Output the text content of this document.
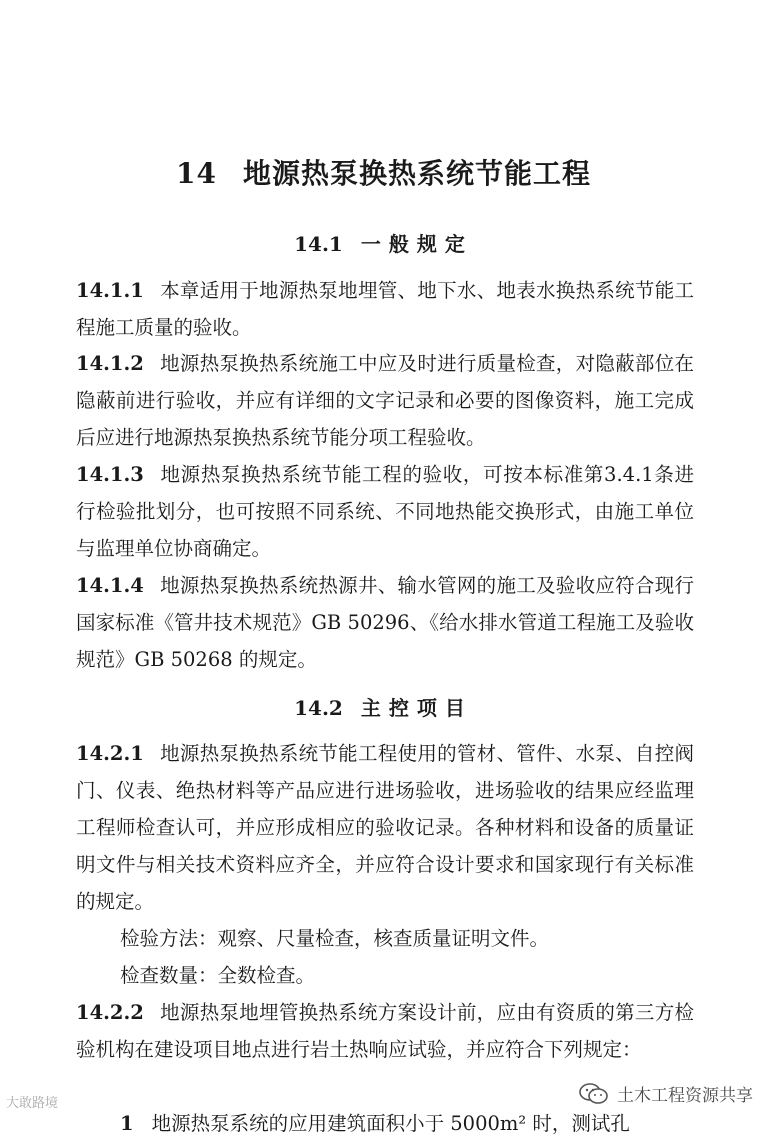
14 地源热泵换热系统节能工程
14.1 一般规定
14.1.1 本章适用于地源热泵地埋管、地下水、地表水换热系统节能工程施工质量的验收。
14.1.2 地源热泵换热系统施工中应及时进行质量检查，对隐蔽部位在隐蔽前进行验收，并应有详细的文字记录和必要的图像资料，施工完成后应进行地源热泵换热系统节能分项工程验收。
14.1.3 地源热泵换热系统节能工程的验收，可按本标准第3.4.1条进行检验批划分，也可按照不同系统、不同地热能交换形式，由施工单位与监理单位协商确定。
14.1.4 地源热泵换热系统热源井、输水管网的施工及验收应符合现行国家标准《管井技术规范》GB 50296、《给水排水管道工程施工及验收规范》GB 50268 的规定。
14.2 主控项目
14.2.1 地源热泵换热系统节能工程使用的管材、管件、水泵、自控阀门、仪表、绝热材料等产品应进行进场验收，进场验收的结果应经监理工程师检查认可，并应形成相应的验收记录。各种材料和设备的质量证明文件与相关技术资料应齐全，并应符合设计要求和国家现行有关标准的规定。
检验方法：观察、尺量检查，核查质量证明文件。
检查数量：全数检查。
14.2.2 地源热泵地埋管换热系统方案设计前，应由有资质的第三方检验机构在建设项目地点进行岩土热响应试验，并应符合下列规定：
1 地源热泵系统的应用建筑面积小于 5000m² 时，测试孔
大敢路境	土木工程资源共享
